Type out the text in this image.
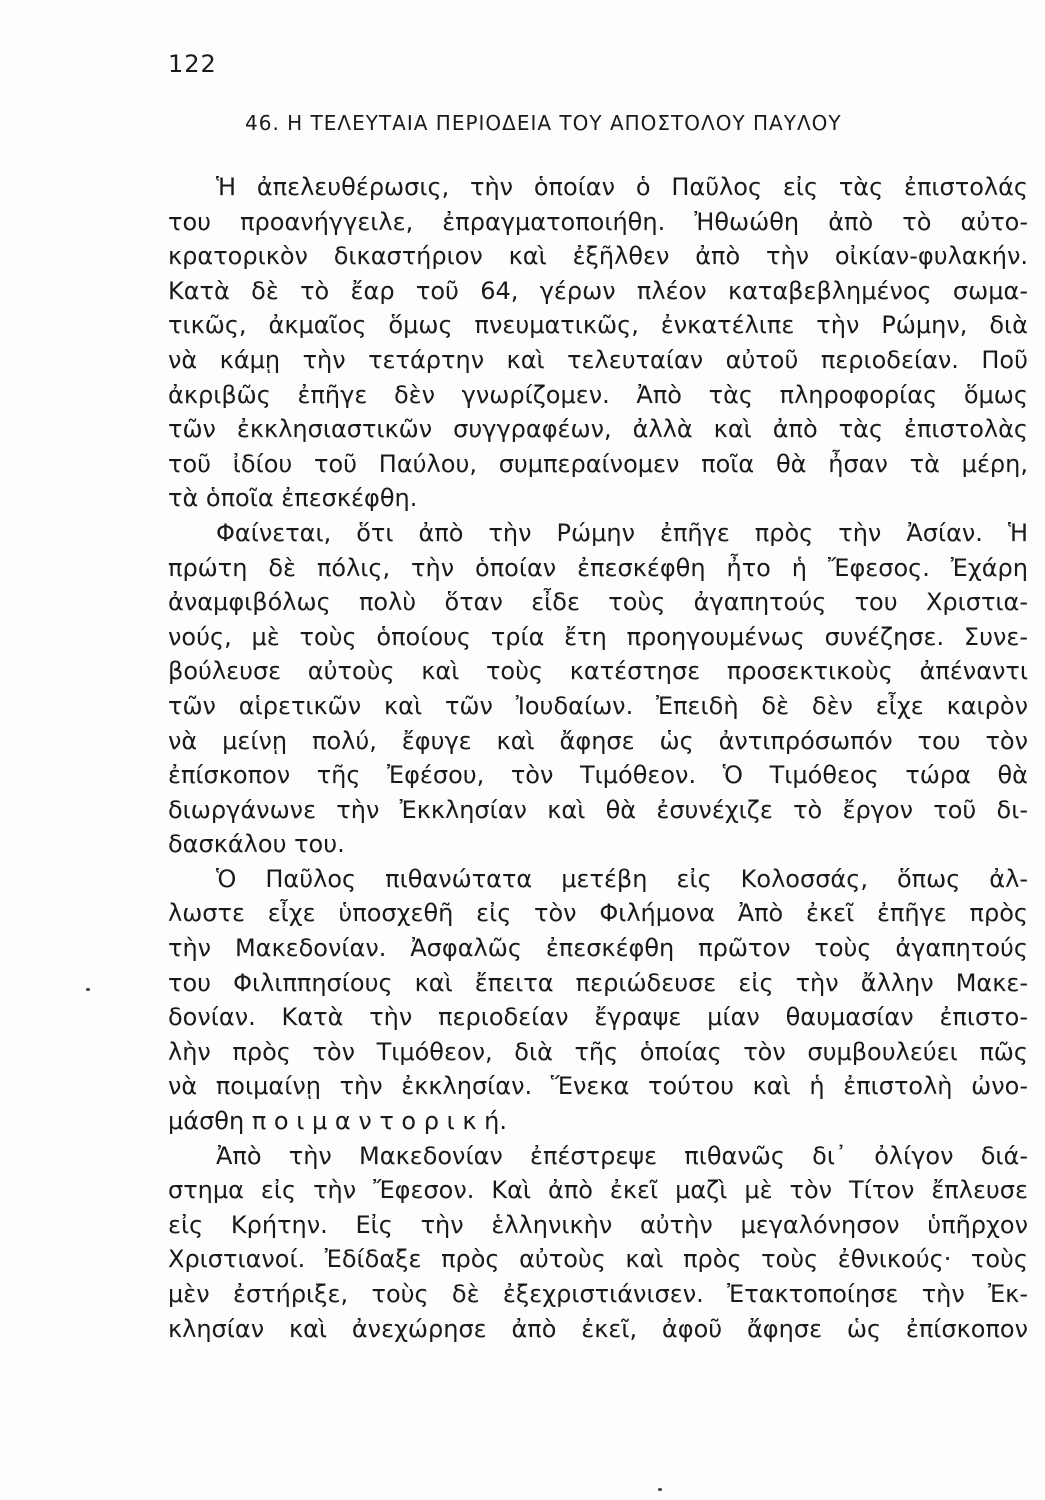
122
46. Η ΤΕΛΕΥΤΑΙΑ ΠΕΡΙΟΔΕΙΑ ΤΟΥ ΑΠΟΣΤΟΛΟΥ ΠΑΥΛΟΥ
Ἡ ἀπελευθέρωσις, τὴν ὁποίαν ὁ Παῦλος εἰς τὰς ἐπιστολάς
του προανήγγειλε, ἐπραγματοποιήθη. Ἠθωώθη ἀπὸ τὸ αὐτο-
κρατορικὸν δικαστήριον καὶ ἐξῆλθεν ἀπὸ τὴν οἰκίαν-φυλακήν.
Κατὰ δὲ τὸ ἔαρ τοῦ 64, γέρων πλέον καταβεβλημένος σωμα-
τικῶς, ἀκμαῖος ὅμως πνευματικῶς, ἐνκατέλιπε τὴν Ρώμην, διὰ
νὰ κάμῃ τὴν τετάρτην καὶ τελευταίαν αὐτοῦ περιοδείαν. Ποῦ
ἀκριβῶς ἐπῆγε δὲν γνωρίζομεν. Ἀπὸ τὰς πληροφορίας ὅμως
τῶν ἐκκλησιαστικῶν συγγραφέων, ἀλλὰ καὶ ἀπὸ τὰς ἐπιστολὰς
τοῦ ἰδίου τοῦ Παύλου, συμπεραίνομεν ποῖα θὰ ἦσαν τὰ μέρη,
τὰ ὁποῖα ἐπεσκέφθη.
Φαίνεται, ὅτι ἀπὸ τὴν Ρώμην ἐπῆγε πρὸς τὴν Ἀσίαν. Ἡ
πρώτη δὲ πόλις, τὴν ὁποίαν ἐπεσκέφθη ἦτο ἡ Ἔφεσος. Ἐχάρη
ἀναμφιβόλως πολὺ ὅταν εἶδε τοὺς ἀγαπητούς του Χριστια-
νούς, μὲ τοὺς ὁποίους τρία ἔτη προηγουμένως συνέζησε. Συνε-
βούλευσε αὐτοὺς καὶ τοὺς κατέστησε προσεκτικοὺς ἀπέναντι
τῶν αἱρετικῶν καὶ τῶν Ἰουδαίων. Ἐπειδὴ δὲ δὲν εἶχε καιρὸν
νὰ μείνῃ πολύ, ἔφυγε καὶ ἄφησε ὡς ἀντιπρόσωπόν του τὸν
ἐπίσκοπον τῆς Ἐφέσου, τὸν Τιμόθεον. Ὁ Τιμόθεος τώρα θὰ
διωργάνωνε τὴν Ἐκκλησίαν καὶ θὰ ἐσυνέχιζε τὸ ἔργον τοῦ δι-
δασκάλου του.
Ὁ Παῦλος πιθανώτατα μετέβη εἰς Κολοσσάς, ὅπως ἀλ-
λωστε εἶχε ὑποσχεθῆ εἰς τὸν Φιλήμονα Ἀπὸ ἐκεῖ ἐπῆγε πρὸς
τὴν Μακεδονίαν. Ἀσφαλῶς ἐπεσκέφθη πρῶτον τοὺς ἀγαπητούς
του Φιλιππησίους καὶ ἔπειτα περιώδευσε εἰς τὴν ἄλλην Μακε-
δονίαν. Κατὰ τὴν περιοδείαν ἔγραψε μίαν θαυμασίαν ἐπιστο-
λὴν πρὸς τὸν Τιμόθεον, διὰ τῆς ὁποίας τὸν συμβουλεύει πῶς
νὰ ποιμαίνῃ τὴν ἐκκλησίαν. Ἕνεκα τούτου καὶ ἡ ἐπιστολὴ ὠνο-
μάσθη π ο ι μ α ν τ ο ρ ι κ ή.
Ἀπὸ τὴν Μακεδονίαν ἐπέστρεψε πιθανῶς δι᾿ ὀλίγον διά-
στημα εἰς τὴν Ἔφεσον. Καὶ ἀπὸ ἐκεῖ μαζὶ μὲ τὸν Τίτον ἔπλευσε
εἰς Κρήτην. Εἰς τὴν ἑλληνικὴν αὐτὴν μεγαλόνησον ὑπῆρχον
Χριστιανοί. Ἐδίδαξε πρὸς αὐτοὺς καὶ πρὸς τοὺς ἐθνικούς· τοὺς
μὲν ἐστήριξε, τοὺς δὲ ἐξεχριστιάνισεν. Ἐτακτοποίησε τὴν Ἐκ-
κλησίαν καὶ ἀνεχώρησε ἀπὸ ἐκεῖ, ἀφοῦ ἄφησε ὡς ἐπίσκοπον
